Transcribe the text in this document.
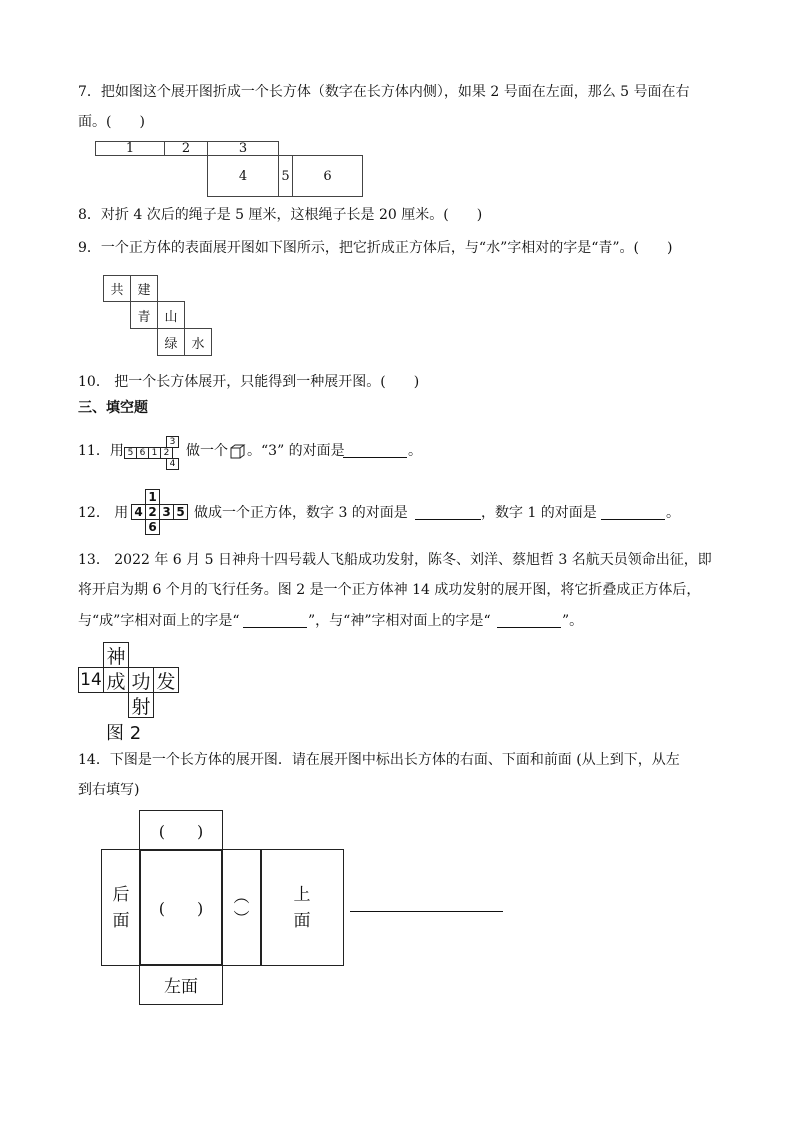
7．把如图这个展开图折成一个长方体（数字在长方体内侧），如果 2 号面在左面，那么 5 号面在右
面。(　　)
1	2	3
4	5	6
8．对折 4 次后的绳子是 5 厘米，这根绳子长是 20 厘米。(　　)
9．一个正方体的表面展开图如下图所示，把它折成正方体后，与“水”字相对的字是“青”。(　　)
共	建
青	山
绿	水
10． 把一个长方体展开，只能得到一种展开图。(　　)
三、填空题
11．用 5 6 1 2
3
4
做一个 。“3” 的对面是	。
12． 用
1
4 2 3 5
6
做成一个正方体，数字 3 的对面是	，数字 1 的对面是	。
13． 2022 年 6 月 5 日神舟十四号载人飞船成功发射，陈冬、刘洋、蔡旭哲 3 名航天员领命出征，即
将开启为期 6 个月的飞行任务。图 2 是一个正方体神 14 成功发射的展开图，将它折叠成正方体后，
与“成”字相对面上的字是“	”，与“神”字相对面上的字是“	”。
神
14 成 功 发
射
图 2
14．下图是一个长方体的展开图．请在展开图中标出长方体的右面、下面和前面 (从上到下，从左
到右填写)
(　　)
后
面
(　　)
︵
︶
上
面
左面
